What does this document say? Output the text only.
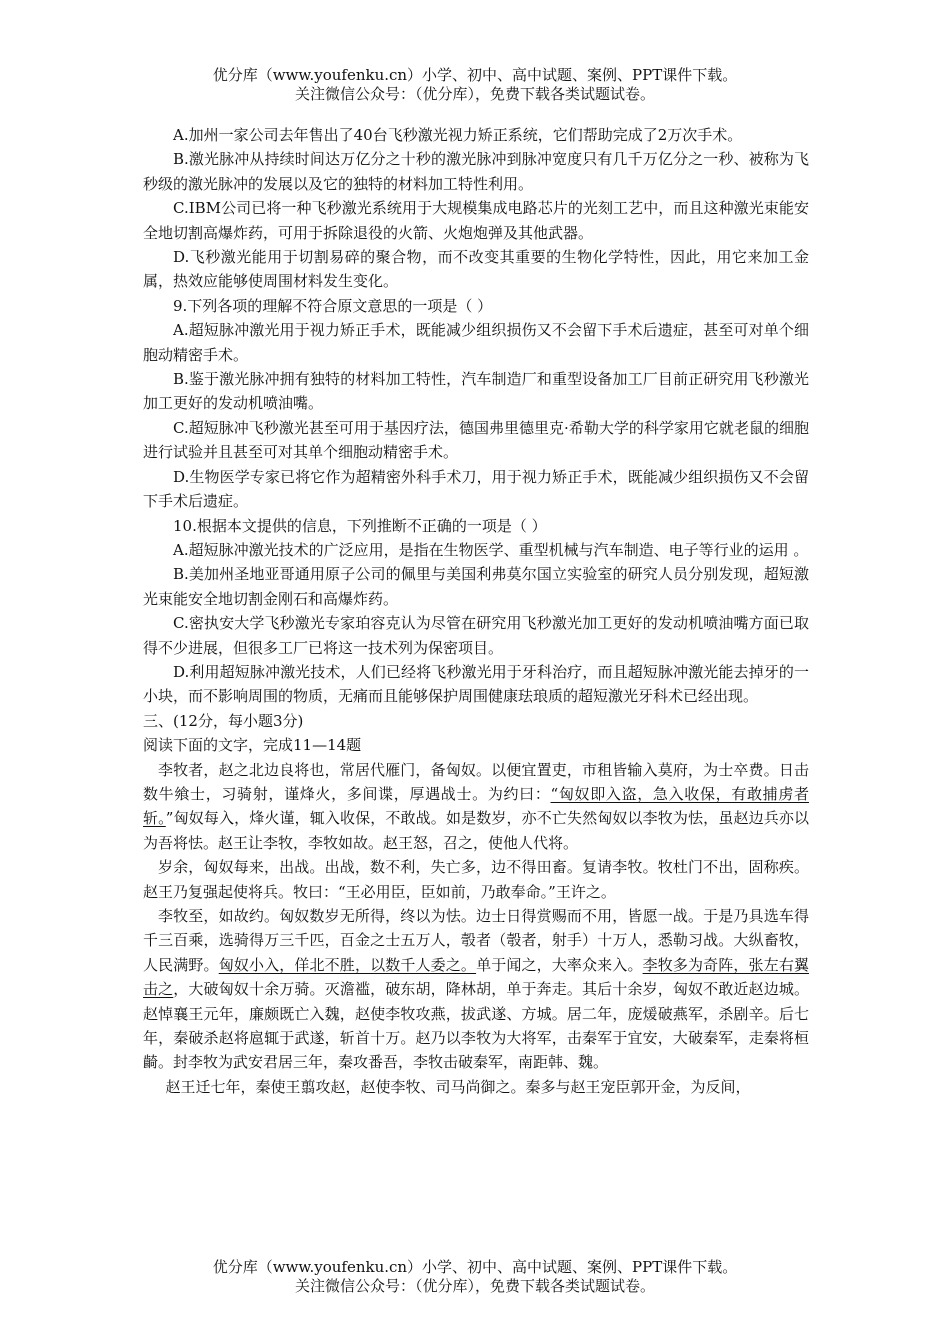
优分库（www.youfenku.cn）小学、初中、高中试题、案例、PPT课件下载。
关注微信公众号：（优分库），免费下载各类试题试卷。

A.加州一家公司去年售出了40台飞秒激光视力矫正系统，它们帮助完成了2万次手术。

B.激光脉冲从持续时间达万亿分之十秒的激光脉冲到脉冲宽度只有几千万亿分之一秒、被称为飞秒级的激光脉冲的发展以及它的独特的材料加工特性利用。

C.IBM公司已将一种飞秒激光系统用于大规模集成电路芯片的光刻工艺中，而且这种激光束能安全地切割高爆炸药，可用于拆除退役的火箭、火炮炮弹及其他武器。

D.飞秒激光能用于切割易碎的聚合物，而不改变其重要的生物化学特性，因此，用它来加工金属，热效应能够使周围材料发生变化。

9.下列各项的理解不符合原文意思的一项是（ ）

A.超短脉冲激光用于视力矫正手术，既能减少组织损伤又不会留下手术后遗症，甚至可对单个细胞动精密手术。

B.鉴于激光脉冲拥有独特的材料加工特性，汽车制造厂和重型设备加工厂目前正研究用飞秒激光加工更好的发动机喷油嘴。

C.超短脉冲飞秒激光甚至可用于基因疗法，德国弗里德里克·希勒大学的科学家用它就老鼠的细胞进行试验并且甚至可对其单个细胞动精密手术。

D.生物医学专家已将它作为超精密外科手术刀，用于视力矫正手术，既能减少组织损伤又不会留下手术后遗症。

10.根据本文提供的信息，下列推断不正确的一项是（ ）

A.超短脉冲激光技术的广泛应用，是指在生物医学、重型机械与汽车制造、电子等行业的运用 。

B.美加州圣地亚哥通用原子公司的佩里与美国利弗莫尔国立实验室的研究人员分别发现，超短激光束能安全地切割金刚石和高爆炸药。

C.密执安大学飞秒激光专家珀容克认为尽管在研究用飞秒激光加工更好的发动机喷油嘴方面已取得不少进展，但很多工厂已将这一技术列为保密项目。

D.利用超短脉冲激光技术，人们已经将飞秒激光用于牙科治疗，而且超短脉冲激光能去掉牙的一小块，而不影响周围的物质，无痛而且能够保护周围健康珐琅质的超短激光牙科术已经出现。

三、(12分，每小题3分)

阅读下面的文字，完成11—14题

李牧者，赵之北边良将也，常居代雁门，备匈奴。以便宜置吏，市租皆输入莫府，为士卒费。日击数牛飨士，习骑射，谨烽火，多间谍，厚遇战士。为约曰：“匈奴即入盗，急入收保，有敢捕虏者斩。”匈奴每入，烽火谨，辄入收保，不敢战。如是数岁，亦不亡失然匈奴以李牧为怯，虽赵边兵亦以为吾将怯。赵王让李牧，李牧如故。赵王怒，召之，使他人代将。

岁余，匈奴每来，出战。出战，数不利，失亡多，边不得田畜。复请李牧。牧杜门不出，固称疾。赵王乃复强起使将兵。牧曰：“王必用臣，臣如前，乃敢奉命。”王许之。

李牧至，如故约。匈奴数岁无所得，终以为怯。边士日得赏赐而不用，皆愿一战。于是乃具选车得千三百乘，选骑得万三千匹，百金之士五万人，彀者（彀者，射手）十万人，悉勒习战。大纵畜牧，人民满野。匈奴小入，佯北不胜，以数千人委之。单于闻之，大率众来入。李牧多为奇阵，张左右翼击之，大破匈奴十余万骑。灭澹褴，破东胡，降林胡，单于奔走。其后十余岁，匈奴不敢近赵边城。赵悼襄王元年，廉颇既亡入魏，赵使李牧攻燕，拔武遂、方城。居二年，庞煖破燕军，杀剧辛。后七年，秦破杀赵将扈辄于武遂，斩首十万。赵乃以李牧为大将军，击秦军于宜安，大破秦军，走秦将桓齮。封李牧为武安君居三年，秦攻番吾，李牧击破秦军，南距韩、魏。

赵王迁七年，秦使王翦攻赵，赵使李牧、司马尚御之。秦多与赵王宠臣郭开金，为反间，

优分库（www.youfenku.cn）小学、初中、高中试题、案例、PPT课件下载。
关注微信公众号：（优分库），免费下载各类试题试卷。
